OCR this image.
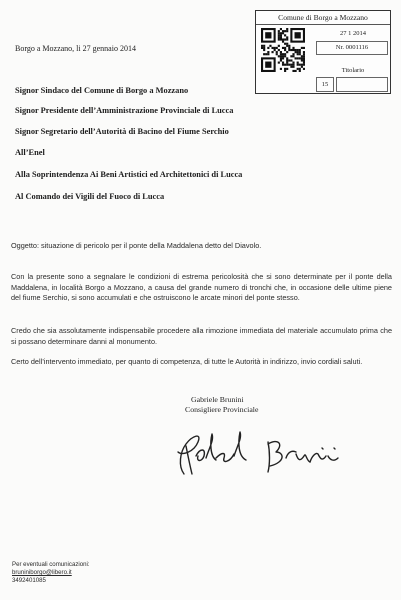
Comune di Borgo a Mozzano
27 1 2014
Nr. 0001116
Titolario
15
Borgo a Mozzano, li 27 gennaio 2014
Signor Sindaco del Comune di Borgo a Mozzano
Signor Presidente dell’Amministrazione Provinciale di Lucca
Signor Segretario dell’Autorità di Bacino del Fiume Serchio
All’Enel
Alla Soprintendenza Ai Beni Artistici ed Architettonici di Lucca
Al Comando dei Vigili del Fuoco di Lucca
Oggetto: situazione di pericolo per il ponte della Maddalena detto del Diavolo.
Con la presente sono a segnalare le condizioni di estrema pericolosità che si sono determinate per il ponte della Maddalena, in località Borgo a Mozzano, a causa del grande numero di tronchi che, in occasione delle ultime piene del fiume Serchio, si sono accumulati e che ostruiscono le arcate minori del ponte stesso.
Credo che sia assolutamente indispensabile procedere alla rimozione immediata del materiale accumulato prima che si possano determinare danni al monumento.
Certo dell’intervento immediato, per quanto di competenza, di tutte le Autorità in indirizzo, invio cordiali saluti.
Gabriele Brunini
Consigliere Provinciale
Per eventuali comunicazioni:
bruniniborgo@libero.it
3492401085
